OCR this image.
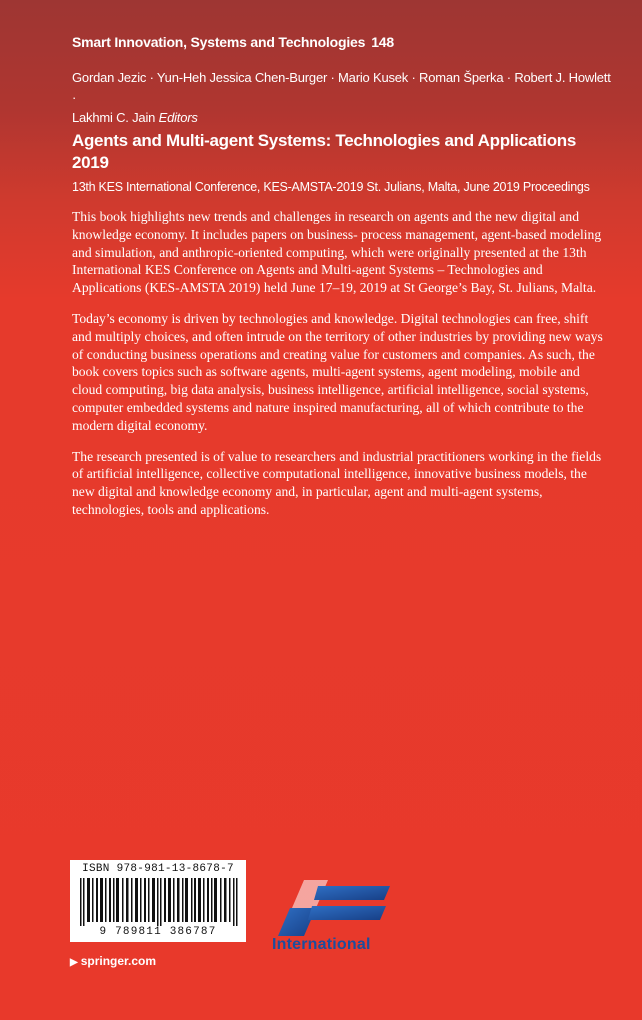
Smart Innovation, Systems and Technologies 148
Gordan Jezic · Yun-Heh Jessica Chen-Burger · Mario Kusek · Roman Šperka · Robert J. Howlett ·
Lakhmi C. Jain Editors
Agents and Multi-agent Systems: Technologies and Applications 2019
13th KES International Conference, KES-AMSTA-2019 St. Julians, Malta, June 2019 Proceedings

This book highlights new trends and challenges in research on agents and the new digital and knowledge economy. It includes papers on business- process management, agent-based modeling and simulation, and anthropic-oriented computing, which were originally presented at the 13th International KES Conference on Agents and Multi-agent Systems – Technologies and Applications (KES-AMSTA 2019) held June 17–19, 2019 at St George’s Bay, St. Julians, Malta.

Today’s economy is driven by technologies and knowledge. Digital technologies can free, shift and multiply choices, and often intrude on the territory of other industries by providing new ways of conducting business operations and creating value for customers and companies. As such, the book covers topics such as software agents, multi-agent systems, agent modeling, mobile and cloud computing, big data analysis, business intelligence, artificial intelligence, social systems, computer embedded systems and nature inspired manufacturing, all of which contribute to the modern digital economy.

The research presented is of value to researchers and industrial practitioners working in the fields of artificial intelligence, collective computational intelligence, innovative business models, the new digital and knowledge economy and, in particular, agent and multi-agent systems, technologies, tools and applications.

ISBN 978-981-13-8678-7
9 789811 386787
▶ springer.com
International
